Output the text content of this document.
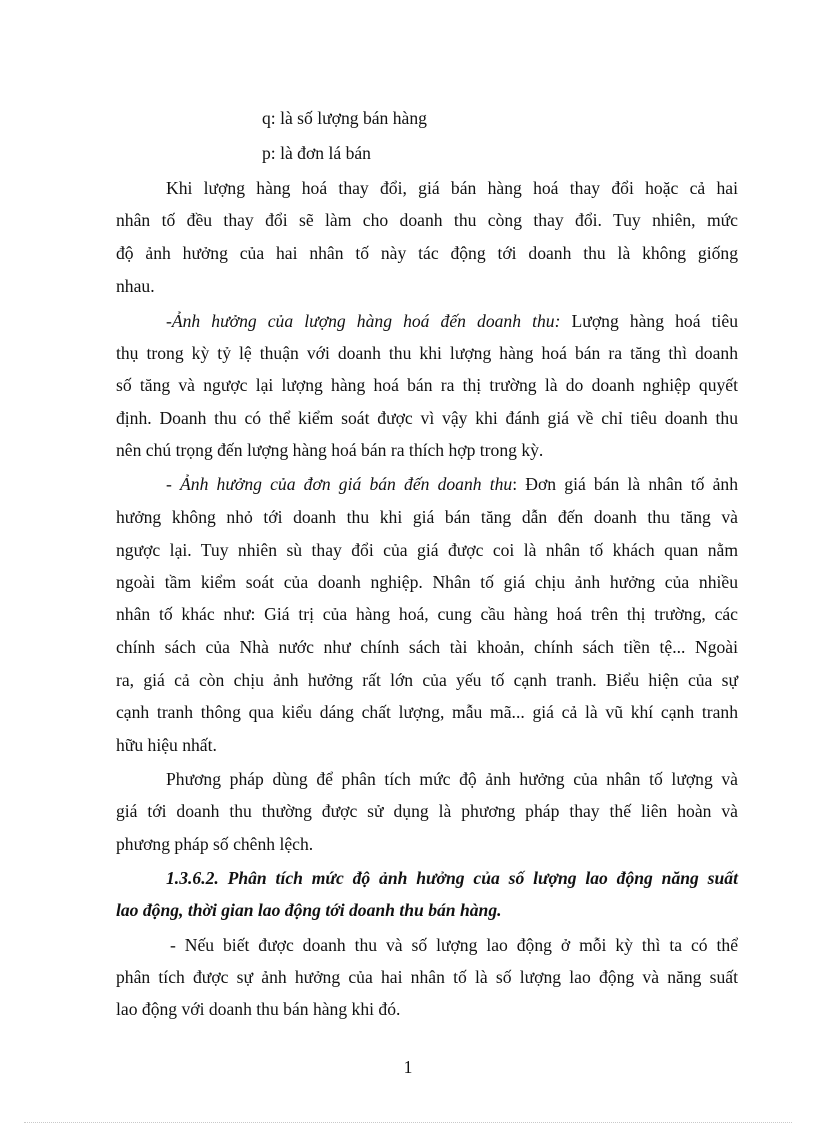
q: là số lượng bán hàng
p: là đơn lá bán
Khi lượng hàng hoá thay đổi, giá bán hàng hoá thay đổi hoặc cả hai
nhân tố đều thay đổi sẽ làm cho doanh thu còng thay đổi. Tuy nhiên, mức
độ ảnh hưởng của hai nhân tố này tác động tới doanh thu là không giống
nhau.
-Ảnh hưởng của lượng hàng hoá đến doanh thu: Lượng hàng hoá tiêu
thụ trong kỳ tỷ lệ thuận với doanh thu khi lượng hàng hoá bán ra tăng thì doanh
số tăng và ngược lại lượng hàng hoá bán ra thị trường là do doanh nghiệp quyết
định. Doanh thu có thể kiểm soát được vì vậy khi đánh giá về chỉ tiêu doanh thu
nên chú trọng đến lượng hàng hoá bán ra thích hợp trong kỳ.
- Ảnh hưởng của đơn giá bán đến doanh thu: Đơn giá bán là nhân tố ảnh
hưởng không nhỏ tới doanh thu khi giá bán tăng dẫn đến doanh thu tăng và
ngược lại. Tuy nhiên sù thay đổi của giá được coi là nhân tố khách quan nằm
ngoài tầm kiểm soát của doanh nghiệp. Nhân tố giá chịu ảnh hưởng của nhiều
nhân tố khác như: Giá trị của hàng hoá, cung cầu hàng hoá trên thị trường, các
chính sách của Nhà nước như chính sách tài khoản, chính sách tiền tệ... Ngoài
ra, giá cả còn chịu ảnh hưởng rất lớn của yếu tố cạnh tranh. Biểu hiện của sự
cạnh tranh thông qua kiểu dáng chất lượng, mẫu mã... giá cả là vũ khí cạnh tranh
hữu hiệu nhất.
Phương pháp dùng để phân tích mức độ ảnh hưởng của nhân tố lượng và
giá tới doanh thu thường được sử dụng là phương pháp thay thế liên hoàn và
phương pháp số chênh lệch.
1.3.6.2. Phân tích mức độ ảnh hưởng của số lượng lao động năng suất
lao động, thời gian lao động tới doanh thu bán hàng.
- Nếu biết được doanh thu và số lượng lao động ở mỗi kỳ thì ta có thể
phân tích được sự ảnh hưởng của hai nhân tố là số lượng lao động và năng suất
lao động với doanh thu bán hàng khi đó.
1
